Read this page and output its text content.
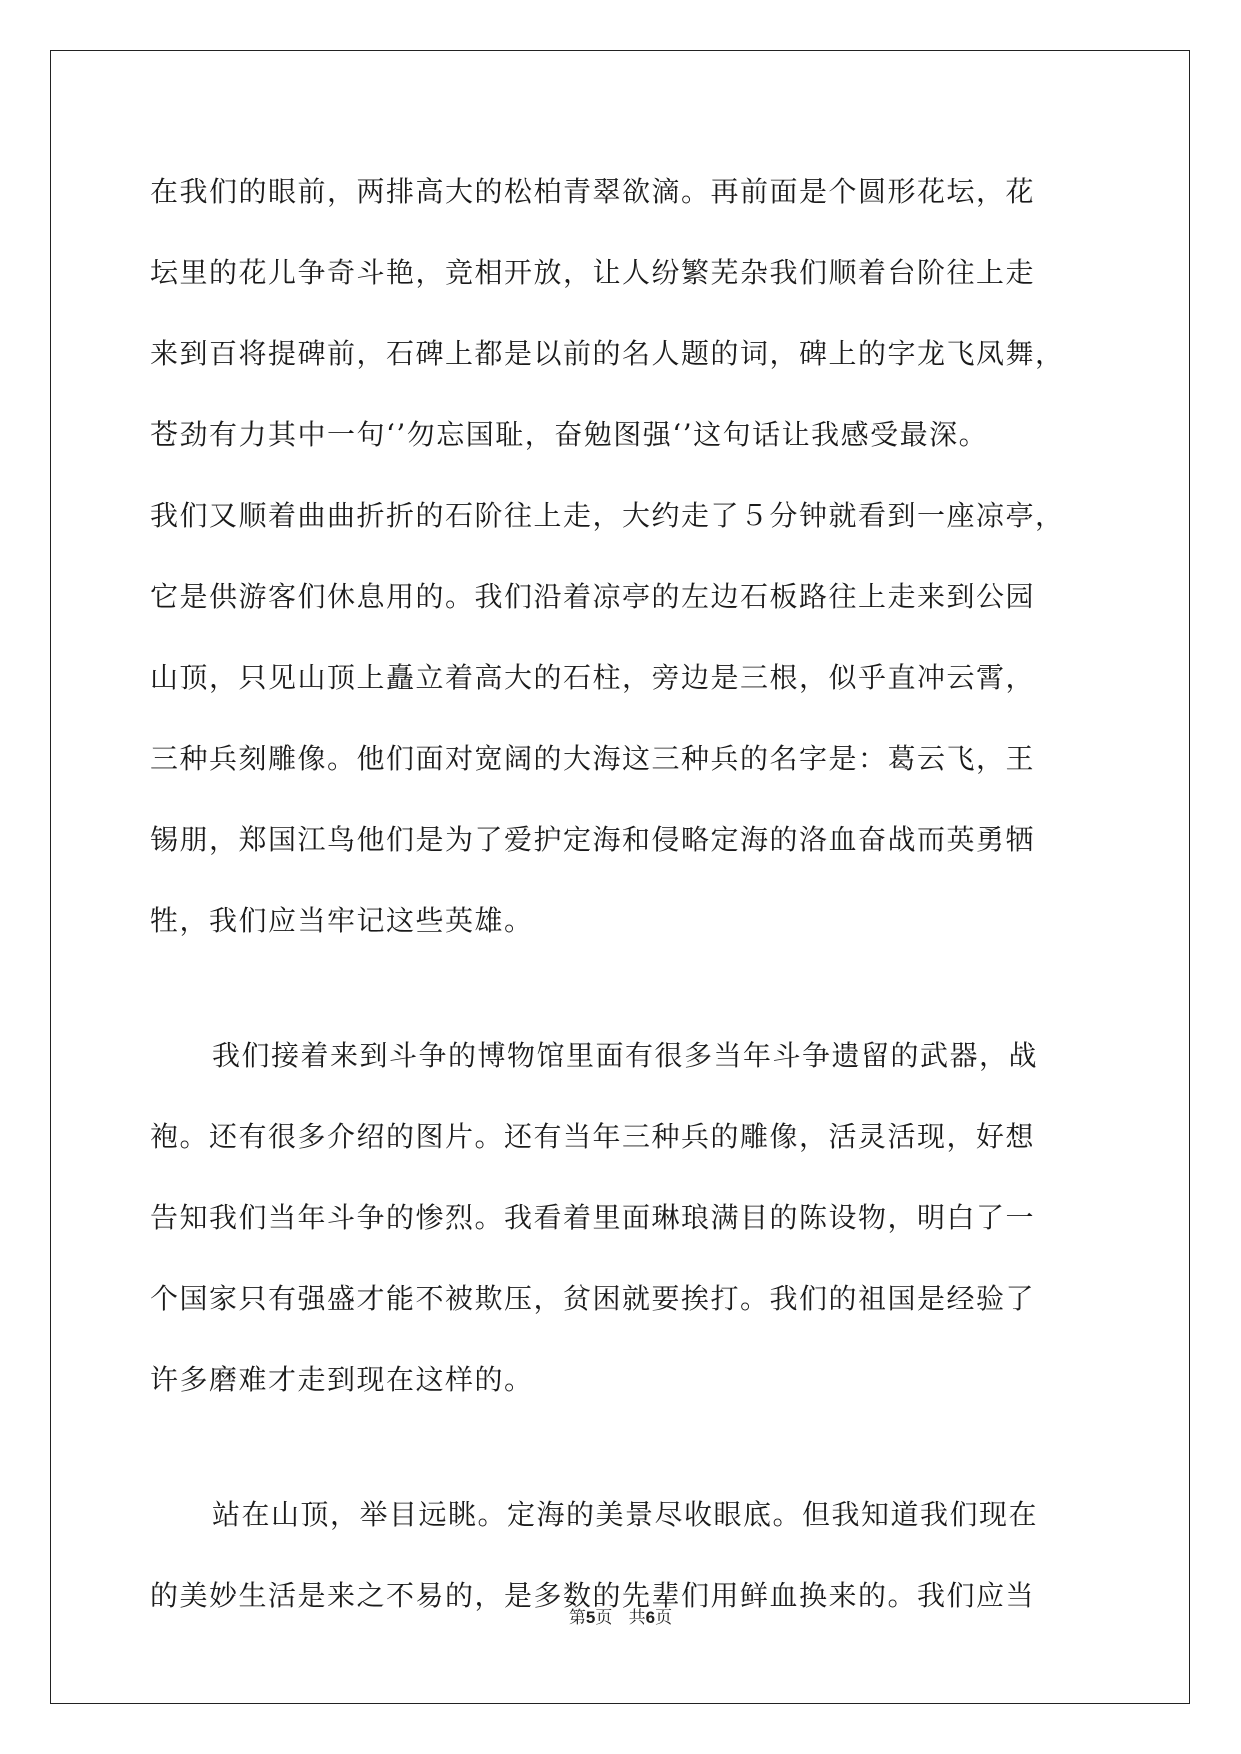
在我们的眼前，两排高大的松柏青翠欲滴。再前面是个圆形花坛，花
坛里的花儿争奇斗艳，竞相开放，让人纷繁芜杂我们顺着台阶往上走
来到百将提碑前，石碑上都是以前的名人题的词，碑上的字龙飞凤舞，
苍劲有力其中一句‘’勿忘国耻，奋勉图强‘’这句话让我感受最深。
我们又顺着曲曲折折的石阶往上走，大约走了５分钟就看到一座凉亭，
它是供游客们休息用的。我们沿着凉亭的左边石板路往上走来到公园
山顶，只见山顶上矗立着高大的石柱，旁边是三根，似乎直冲云霄，
三种兵刻雕像。他们面对宽阔的大海这三种兵的名字是：葛云飞，王
锡朋，郑国江鸟他们是为了爱护定海和侵略定海的洛血奋战而英勇牺
牲，我们应当牢记这些英雄。
我们接着来到斗争的博物馆里面有很多当年斗争遗留的武器，战
袍。还有很多介绍的图片。还有当年三种兵的雕像，活灵活现，好想
告知我们当年斗争的惨烈。我看着里面琳琅满目的陈设物，明白了一
个国家只有强盛才能不被欺压，贫困就要挨打。我们的祖国是经验了
许多磨难才走到现在这样的。
站在山顶，举目远眺。定海的美景尽收眼底。但我知道我们现在
的美妙生活是来之不易的，是多数的先辈们用鲜血换来的。我们应当
第5页 共6页
